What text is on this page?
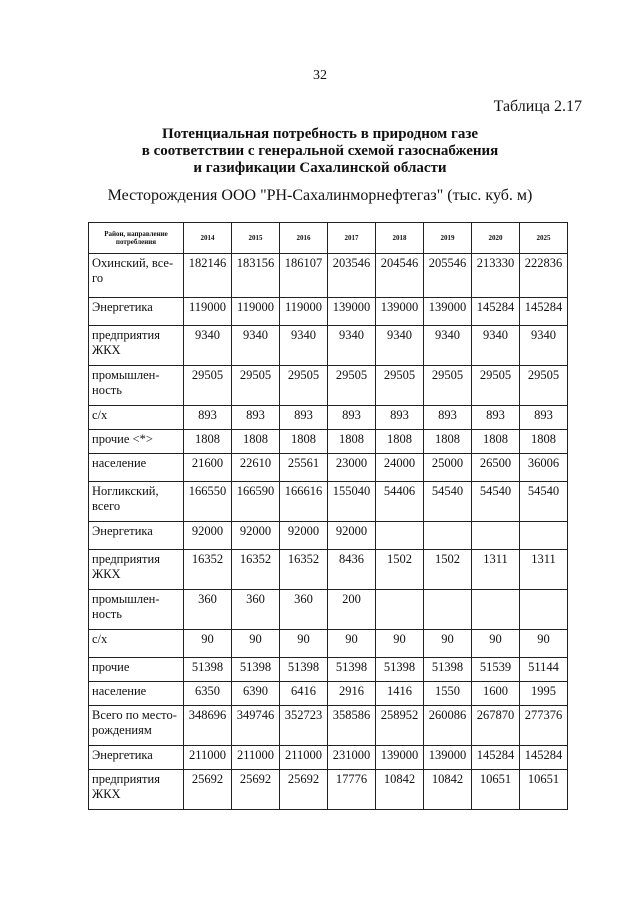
32
Таблица 2.17
Потенциальная потребность в природном газе
в соответствии с генеральной схемой газоснабжения
и газификации Сахалинской области
Месторождения ООО "РН-Сахалинморнефтегаз" (тыс. куб. м)
Район, направление потребления	2014	2015	2016	2017	2018	2019	2020	2025
Охинский, все-го	182146	183156	186107	203546	204546	205546	213330	222836
Энергетика	119000	119000	119000	139000	139000	139000	145284	145284
предприятия ЖКХ	9340	9340	9340	9340	9340	9340	9340	9340
промышлен-ность	29505	29505	29505	29505	29505	29505	29505	29505
с/х	893	893	893	893	893	893	893	893
прочие <*>	1808	1808	1808	1808	1808	1808	1808	1808
население	21600	22610	25561	23000	24000	25000	26500	36006
Ногликский, всего	166550	166590	166616	155040	54406	54540	54540	54540
Энергетика	92000	92000	92000	92000				
предприятия ЖКХ	16352	16352	16352	8436	1502	1502	1311	1311
промышлен-ность	360	360	360	200				
с/х	90	90	90	90	90	90	90	90
прочие	51398	51398	51398	51398	51398	51398	51539	51144
население	6350	6390	6416	2916	1416	1550	1600	1995
Всего по место-рождениям	348696	349746	352723	358586	258952	260086	267870	277376
Энергетика	211000	211000	211000	231000	139000	139000	145284	145284
предприятия ЖКХ	25692	25692	25692	17776	10842	10842	10651	10651
